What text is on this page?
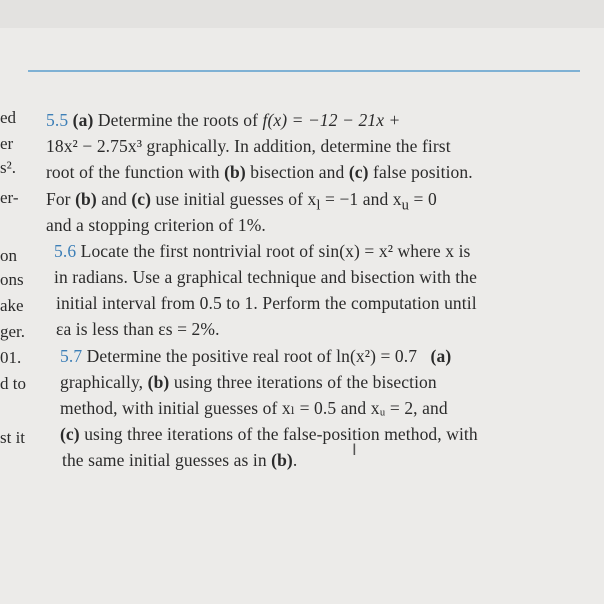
ed
er
s².
er-
on
ons
ake
ger.
01.
d to
st it
5.5 (a) Determine the roots of f(x) = −12 − 21x +
18x² − 2.75x³ graphically. In addition, determine the first
root of the function with (b) bisection and (c) false position.
For (b) and (c) use initial guesses of $x_l = -1$ and $x_u = 0$
and a stopping criterion of 1%.
5.6 Locate the first nontrivial root of sin(x) = x² where x is
in radians. Use a graphical technique and bisection with the
initial interval from 0.5 to 1. Perform the computation until
εa is less than εs = 2%.
5.7 Determine the positive real root of ln(x²) = 0.7 (a)
graphically, (b) using three iterations of the bisection
method, with initial guesses of xₗ = 0.5 and xᵤ = 2, and
(c) using three iterations of the false-position method, with
the same initial guesses as in (b).
I
